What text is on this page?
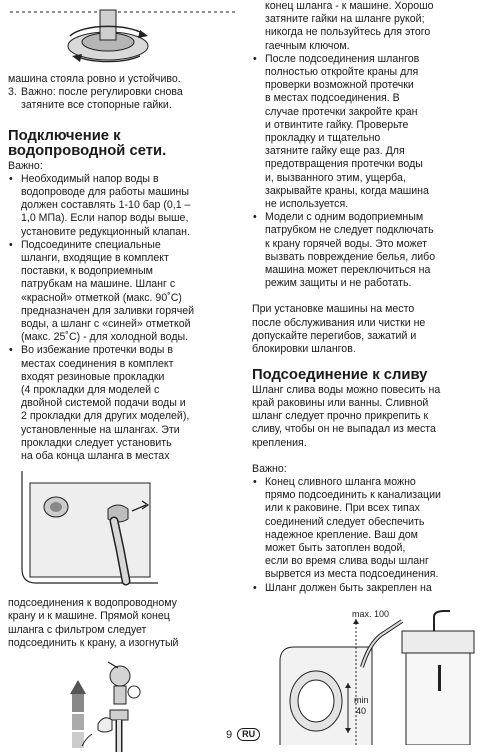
машина стояла ровно и устойчиво.
3. Важно: после регулировки снова
затяните все стопорные гайки.
Подключение к
водопроводной сети.
Важно:
• Необходимый напор воды в
водопроводе для работы машины
должен составлять 1-10 бар (0,1 –
1,0 МПа). Если напор воды выше,
установите редукционный клапан.
• Подсоедините специальные
шланги, входящие в комплект
поставки, к водоприемным
патрубкам на машине. Шланг с
«красной» отметкой (макс. 90˚C)
предназначен для заливки горячей
воды, а шланг с «синей» отметкой
(макс. 25˚C) - для холодной воды.
• Во избежание протечки воды в
местах соединения в комплект
входят резиновые прокладки
(4 прокладки для моделей с
двойной системой подачи воды и
2 прокладки для других моделей),
установленные на шлангах. Эти
прокладки следует установить
на оба конца шланга в местах
подсоединения к водопроводному
крану и к машине. Прямой конец
шланга с фильтром следует
подсоединить к крану, а изогнутый
конец шланга - к машине. Хорошо
затяните гайки на шланге рукой;
никогда не пользуйтесь для этого
гаечным ключом.
• После подсоединения шлангов
полностью откройте краны для
проверки возможной протечки
в местах подсоединения. В
случае протечки закройте кран
и отвинтите гайку. Проверьте
прокладку и тщательно
затяните гайку еще раз. Для
предотвращения протечки воды
и, вызванного этим, ущерба,
закрывайте краны, когда машина
не используется.
• Модели с одним водоприемным
патрубком не следует подключать
к крану горячей воды. Это может
вызвать повреждение белья, либо
машина может переключиться на
режим защиты и не работать.
При установке машины на место
после обслуживания или чистки не
допускайте перегибов, зажатий и
блокировки шлангов.
Подсоединение к сливу
Шланг слива воды можно повесить на
край раковины или ванны. Сливной
шланг следует прочно прикрепить к
сливу, чтобы он не выпадал из места
крепления.
Важно:
• Конец сливного шланга можно
прямо подсоединить к канализации
или к раковине. При всех типах
соединений следует обеспечить
надежное крепление. Ваш дом
может быть затоплен водой,
если во время слива воды шланг
вырвется из места подсоединения.
• Шланг должен быть закреплен на
max. 100
min
40
9	RU
